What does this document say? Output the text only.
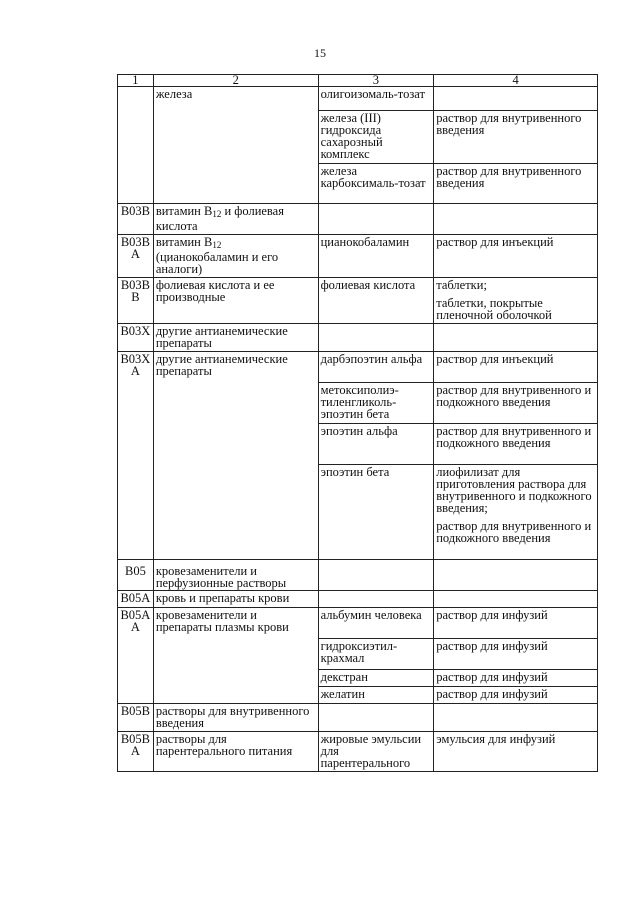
15
1	2	3	4
	железа	олигоизомаль-тозат	
		железа (III) гидроксида сахарозный комплекс	раствор для внутривенного введения
		железа карбоксималь-тозат	раствор для внутривенного введения
B03B	витамин $B_{12}$ и фолиевая кислота		

B03B
A	витамин $B_{12}$ (цианокобаламин и его аналоги)	цианокобаламин	раствор для инъекций

B03B
B	фолиевая кислота и ее производные	фолиевая кислота	таблетки;
таблетки, покрытые пленочной оболочкой

B03X	другие антианемические препараты		

B03X
A	другие антианемические препараты	дарбэпоэтин альфа	раствор для инъекций
		метоксиполиэ-тиленгликоль-эпоэтин бета	раствор для внутривенного и подкожного введения
		эпоэтин альфа	раствор для внутривенного и подкожного введения
		эпоэтин бета	лиофилизат для приготовления раствора для внутривенного и подкожного введения;
раствор для внутривенного и подкожного введения

B05	кровезаменители и перфузионные растворы		
B05A	кровь и препараты крови		

B05A
A	кровезаменители и препараты плазмы крови	альбумин человека	раствор для инфузий
		гидроксиэтил-крахмал	раствор для инфузий
		декстран	раствор для инфузий
		желатин	раствор для инфузий
B05B	растворы для внутривенного введения		

B05B
A	растворы для парентерального питания	жировые эмульсии для парентерального	эмульсия для инфузий
